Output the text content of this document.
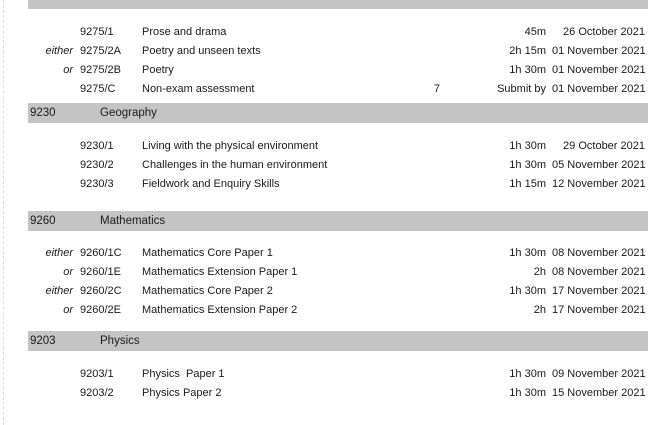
9275/1	Prose and drama	45m	26 October 2021
either 9275/2A	Poetry and unseen texts	2h 15m 01 November 2021
or 9275/2B	Poetry	1h 30m 01 November 2021
9275/C	Non-exam assessment	7	Submit by 01 November 2021
9230	Geography
9230/1	Living with the physical environment	1h 30m	29 October 2021
9230/2	Challenges in the human environment	1h 30m 05 November 2021
9230/3	Fieldwork and Enquiry Skills	1h 15m 12 November 2021
9260	Mathematics
either 9260/1C	Mathematics Core Paper 1	1h 30m 08 November 2021
or 9260/1E	Mathematics Extension Paper 1	2h 08 November 2021
either 9260/2C	Mathematics Core Paper 2	1h 30m 17 November 2021
or 9260/2E	Mathematics Extension Paper 2	2h 17 November 2021
9203	Physics
9203/1	Physics  Paper 1	1h 30m 09 November 2021
9203/2	Physics Paper 2	1h 30m 15 November 2021
